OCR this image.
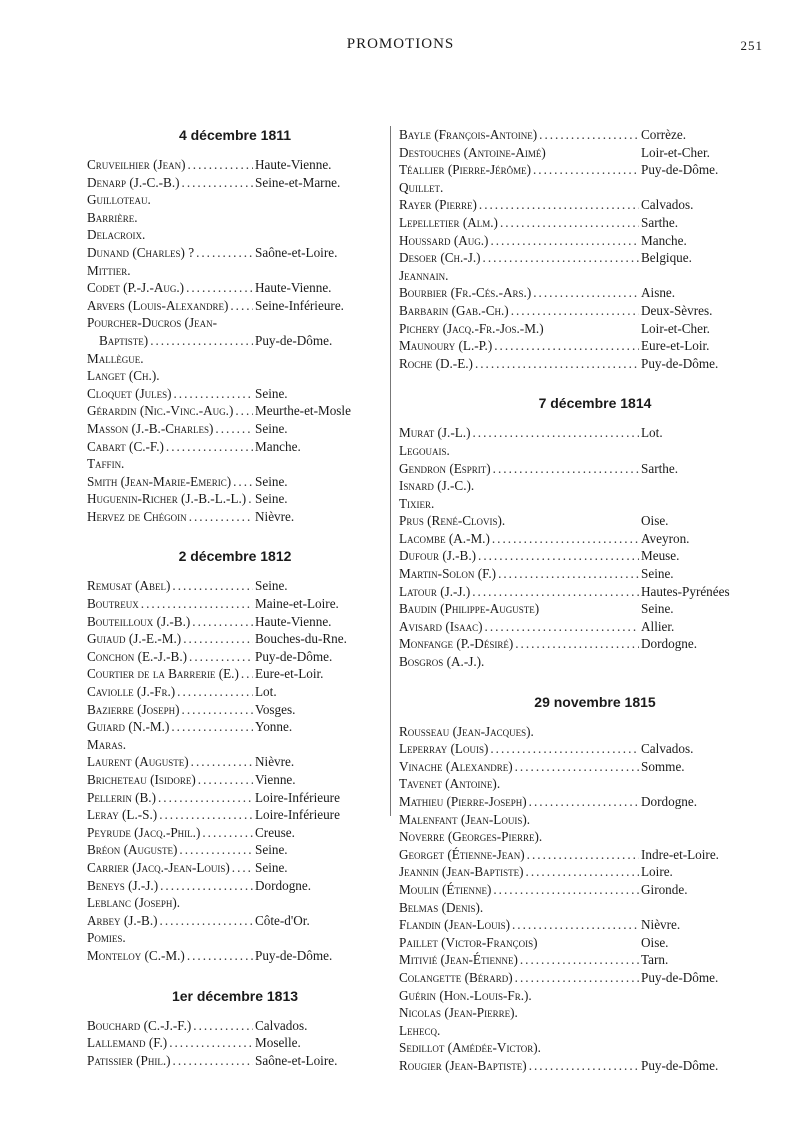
PROMOTIONS	251
4 décembre 1811
Cruveilhier (Jean) .....	Haute-Vienne.
Denarp (J.-C.-B.) .....	Seine-et-Marne.
Guilloteau.
Barrière.
Delacroix.
Dunand (Charles) ? .....	Saône-et-Loire.
Mittier.
Codet (P.-J.-Aug.) .....	Haute-Vienne.
Arvers (Louis-Alexandre) ..... Seine-Inférieure.
Pourcher-Ducros (Jean-
Baptiste) .....	Puy-de-Dôme.
Mallègue.
Langet (Ch.).
Cloquet (Jules) .....	Seine.
Gérardin (Nic.-Vinc.-Aug.) ..... Meurthe-et-Mosle
Masson (J.-B.-Charles) .....	Seine.
Cabart (C.-F.) .....	Manche.
Taffin.
Smith (Jean-Marie-Emeric) ..... Seine.
Huguenin-Richer (J.-B.-L.-L.) ..... Seine.
Hervez de Chégoin .....	Nièvre.
2 décembre 1812
Remusat (Abel) .....	Seine.
Boutreux .....	Maine-et-Loire.
Bouteilloux (J.-B.) .....	Haute-Vienne.
Guiaud (J.-E.-M.) .....	Bouches-du-Rne.
Conchon (E.-J.-B.) .....	Puy-de-Dôme.
Courtier de la Barrerie (E.) ..... Eure-et-Loir.
Caviolle (J.-Fr.) .....	Lot.
Bazierre (Joseph) .....	Vosges.
Guiard (N.-M.) .....	Yonne.
Maras.
Laurent (Auguste) .....	Nièvre.
Bricheteau (Isidore) .....	Vienne.
Pellerin (B.) .....	Loire-Inférieure
Leray (L.-S.) .....	Loire-Inférieure
Peyrude (Jacq.-Phil.) .....	Creuse.
Bréon (Auguste) .....	Seine.
Carrier (Jacq.-Jean-Louis) ..... Seine.
Beneys (J.-J.) .....	Dordogne.
Leblanc (Joseph).
Arbey (J.-B.) .....	Côte-d'Or.
Pomies.
Monteloy (C.-M.) .....	Puy-de-Dôme.
1er décembre 1813
Bouchard (C.-J.-F.) .....	Calvados.
Lallemand (F.) .....	Moselle.
Patissier (Phil.) .....	Saône-et-Loire.
Bayle (François-Antoine) .....	Corrèze.
Destouches (Antoine-Aimé)	Loir-et-Cher.
Téallier (Pierre-Jérôme) .....	Puy-de-Dôme.
Quillet.
Rayer (Pierre) .....	Calvados.
Lepelletier (Alm.) .....	Sarthe.
Houssard (Aug.) .....	Manche.
Desoer (Ch.-J.) .....	Belgique.
Jeannain.
Bourbier (Fr.-Cés.-Ars.) .....	Aisne.
Barbarin (Gab.-Ch.) .....	Deux-Sèvres.
Pichery (Jacq.-Fr.-Jos.-M.)	Loir-et-Cher.
Maunoury (L.-P.) .....	Eure-et-Loir.
Roche (D.-E.) .....	Puy-de-Dôme.
7 décembre 1814
Murat (J.-L.) .....	Lot.
Legouais.
Gendron (Esprit) .....	Sarthe.
Isnard (J.-C.).
Tixier.
Prus (René-Clovis).	Oise.
Lacombe (A.-M.) .....	Aveyron.
Dufour (J.-B.) .....	Meuse.
Martin-Solon (F.) .....	Seine.
Latour (J.-J.) .....	Hautes-Pyrénées
Baudin (Philippe-Auguste)	Seine.
Avisard (Isaac) .....	Allier.
Monfange (P.-Désiré) .....	Dordogne.
Bosgros (A.-J.).
29 novembre 1815
Rousseau (Jean-Jacques).
Leperray (Louis) .....	Calvados.
Vinache (Alexandre) .....	Somme.
Tavenet (Antoine).
Mathieu (Pierre-Joseph) .....	Dordogne.
Malenfant (Jean-Louis).
Noverre (Georges-Pierre).
Georget (Étienne-Jean) .....	Indre-et-Loire.
Jeannin (Jean-Baptiste) .....	Loire.
Moulin (Étienne) .....	Gironde.
Belmas (Denis).
Flandin (Jean-Louis) .....	Nièvre.
Paillet (Victor-François)	Oise.
Mitivié (Jean-Étienne) .....	Tarn.
Colangette (Bérard) .....	Puy-de-Dôme.
Guérin (Hon.-Louis-Fr.).
Nicolas (Jean-Pierre).
Lehecq.
Sedillot (Amédée-Victor).
Rougier (Jean-Baptiste) .....	Puy-de-Dôme.
